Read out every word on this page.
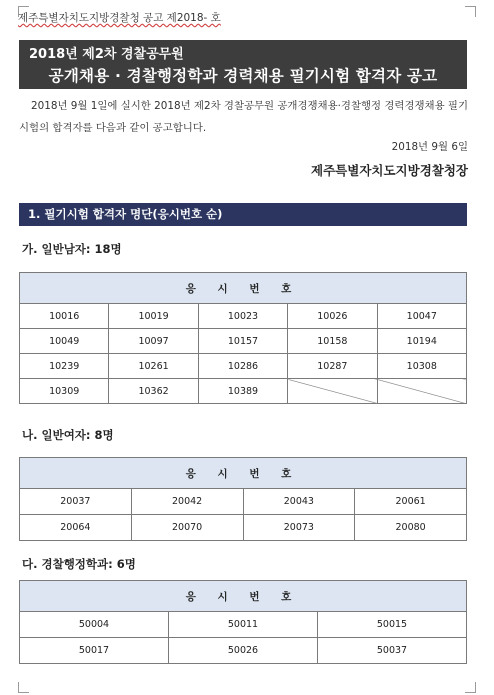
제주특별자치도지방경찰청 공고 제2018- 호
2018년 제2차 경찰공무원
공개채용 · 경찰행정학과 경력채용 필기시험 합격자 공고
2018년 9월 1일에 실시한 2018년 제2차 경찰공무원 공개경쟁채용·경찰행정 경력경쟁채용 필기시험의 합격자를 다음과 같이 공고합니다.
2018년 9월 6일
제주특별자치도지방경찰청장
1. 필기시험 합격자 명단(응시번호 순)
가. 일반남자: 18명
응 시 번 호				
10016	10019	10023	10026	10047
10049	10097	10157	10158	10194
10239	10261	10286	10287	10308
10309	10362	10389		
나. 일반여자: 8명
응 시 번 호			
20037	20042	20043	20061
20064	20070	20073	20080
다. 경찰행정학과: 6명
응 시 번 호		
50004	50011	50015
50017	50026	50037
